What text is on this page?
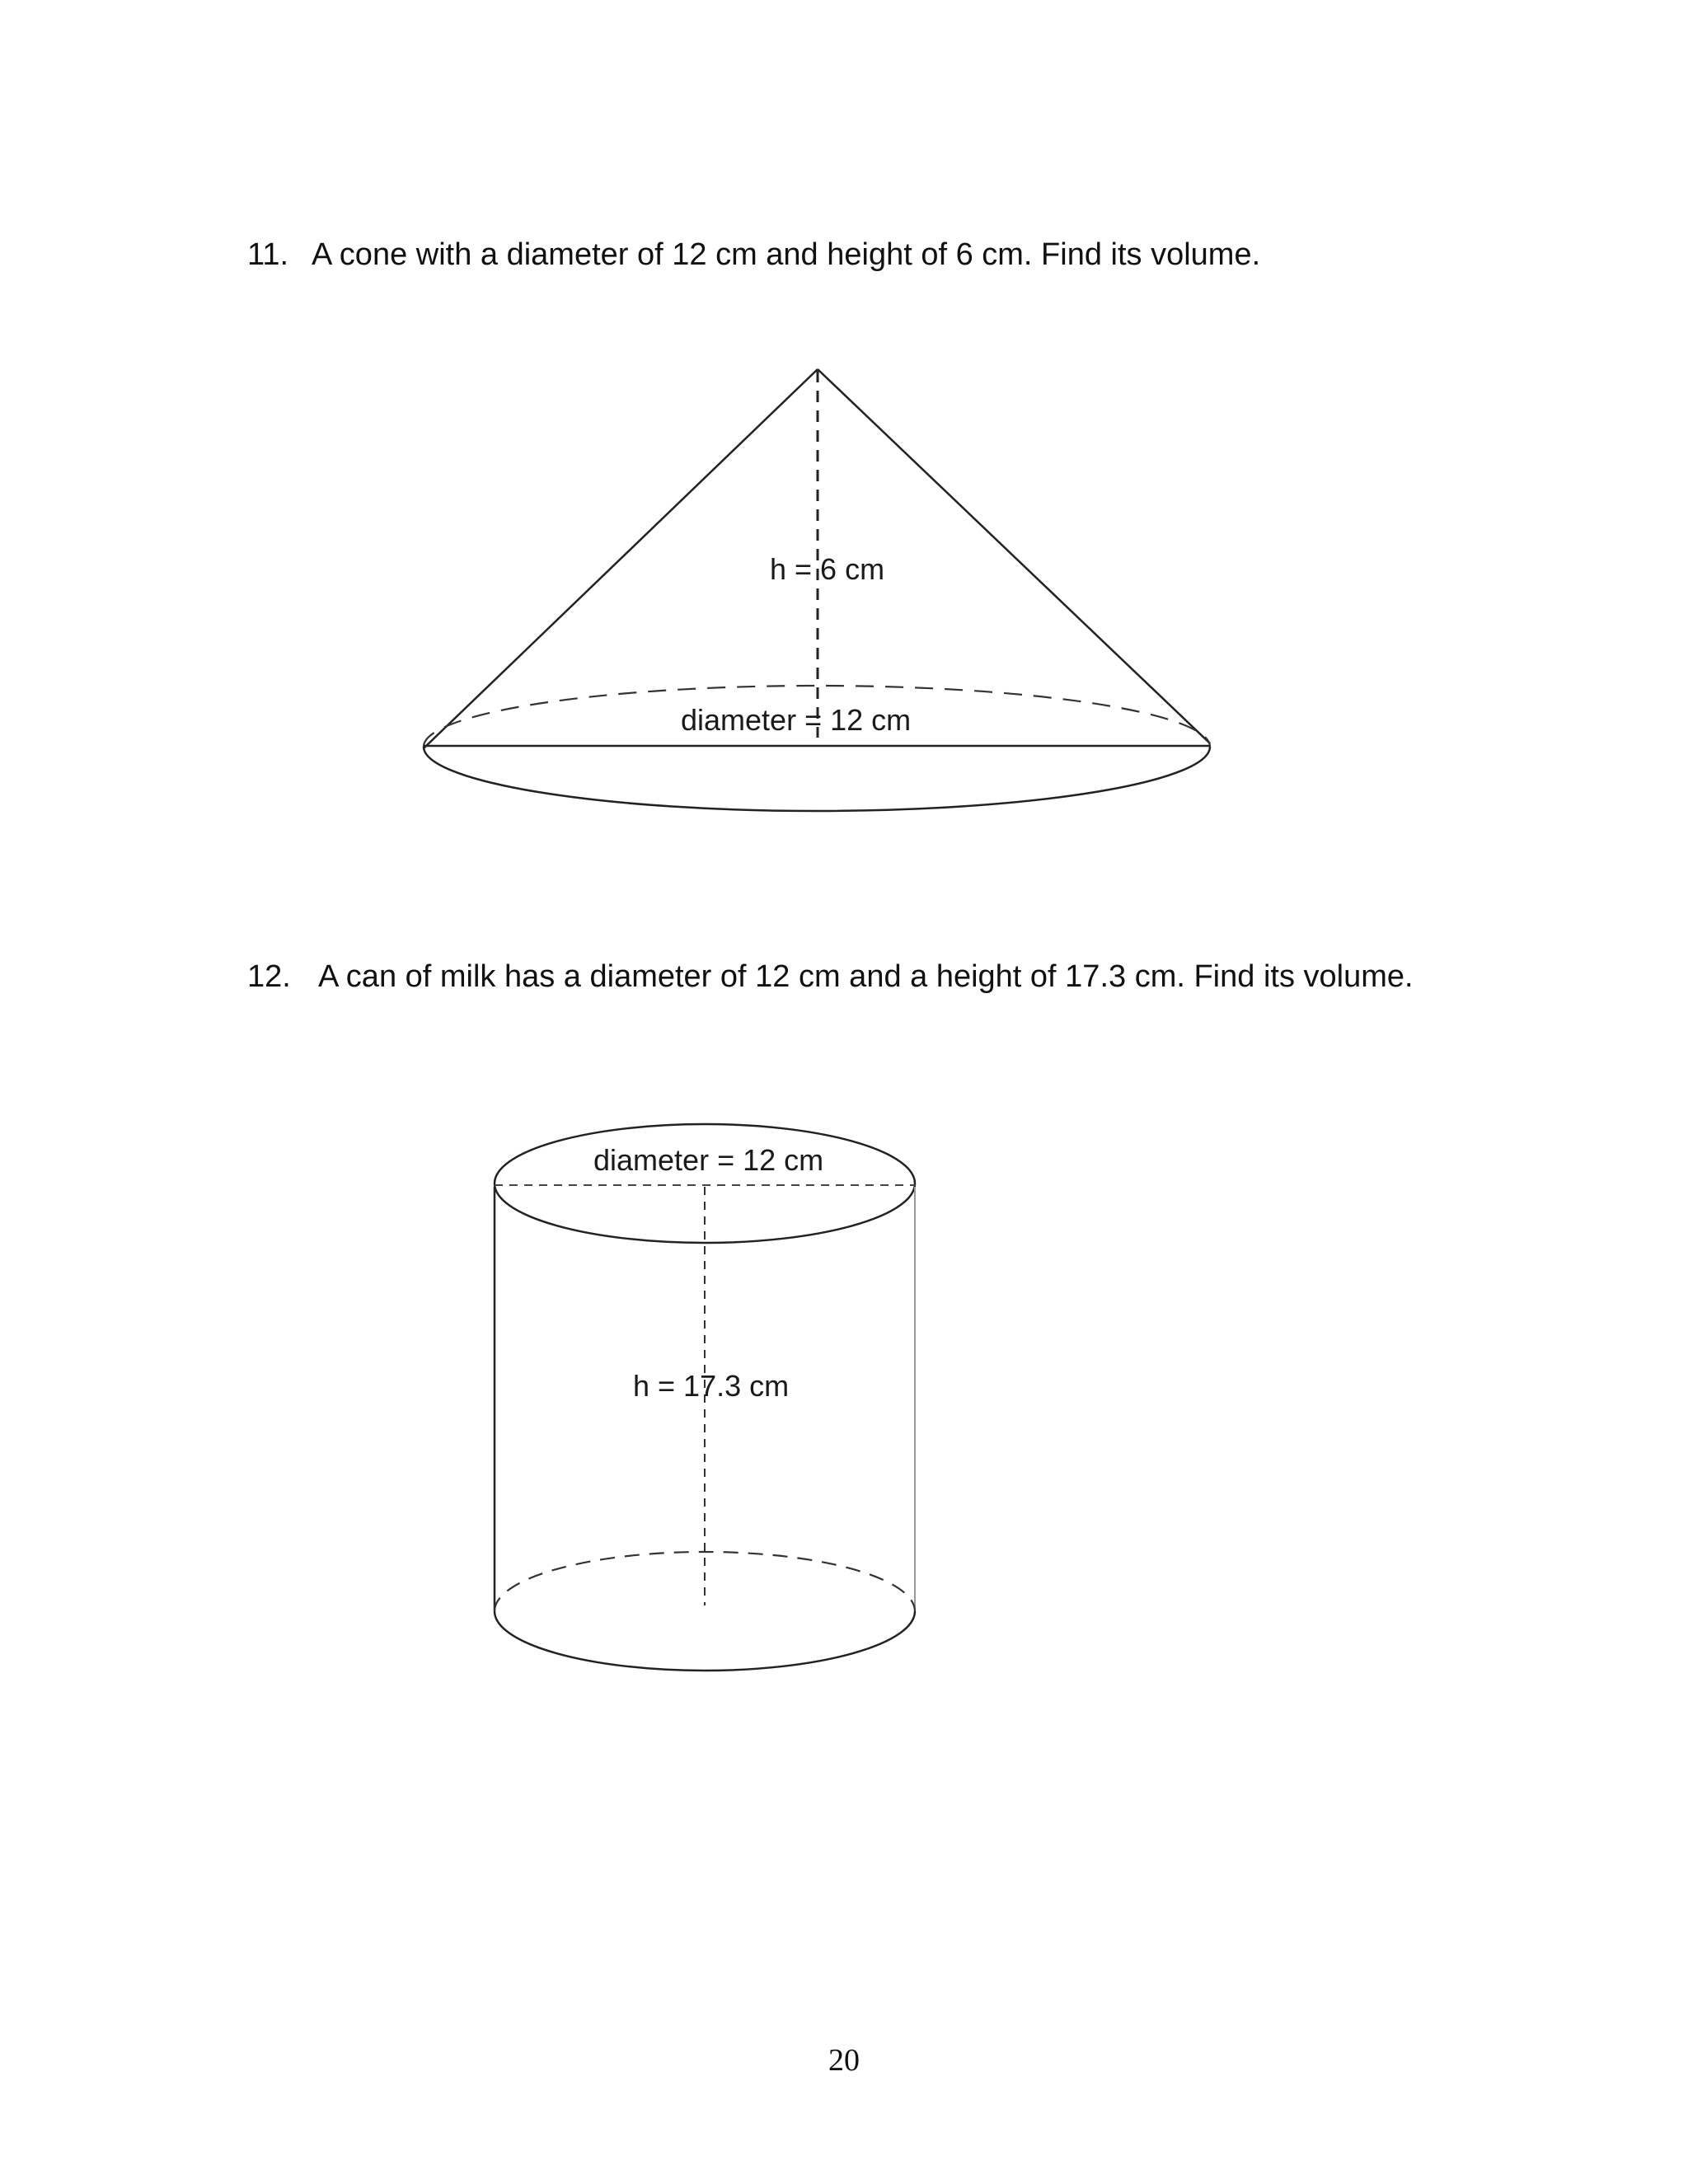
11. A cone with a diameter of 12 cm and height of 6 cm. Find its volume.
h = 6 cm
diameter = 12 cm
diameter = 12 cm
h = 17.3 cm
12. A can of milk has a diameter of 12 cm and a height of 17.3 cm. Find its volume.
20
